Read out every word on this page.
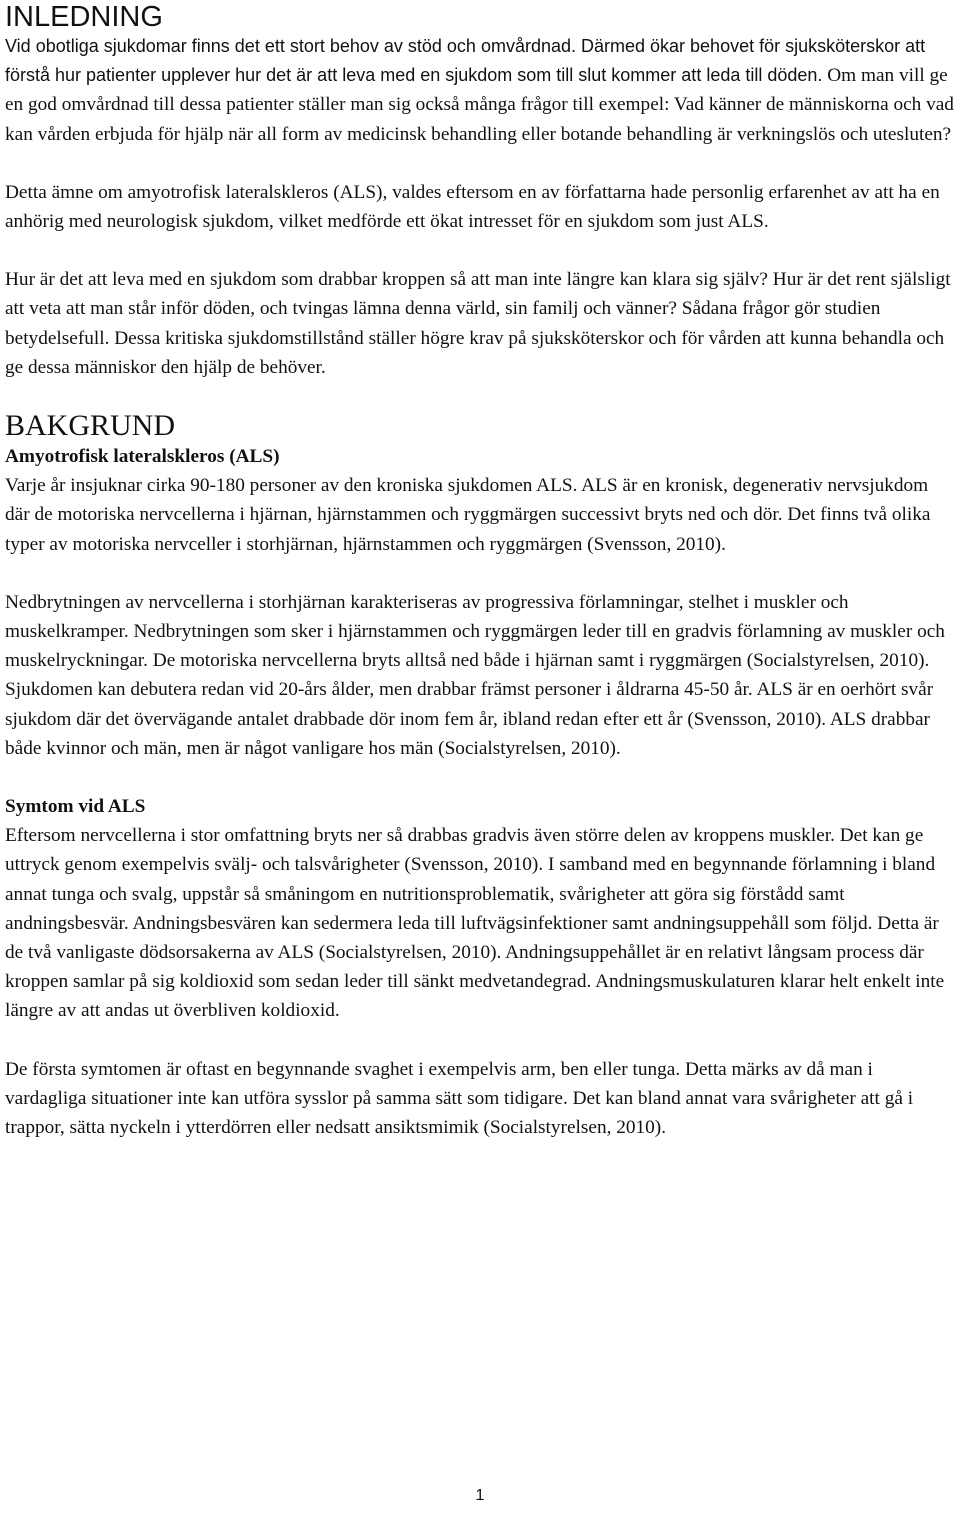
INLEDNING

Vid obotliga sjukdomar finns det ett stort behov av stöd och omvårdnad. Därmed ökar behovet för sjuksköterskor att förstå hur patienter upplever hur det är att leva med en sjukdom som till slut kommer att leda till döden. Om man vill ge en god omvårdnad till dessa patienter ställer man sig också många frågor till exempel: Vad känner de människorna och vad kan vården erbjuda för hjälp när all form av medicinsk behandling eller botande behandling är verkningslös och utesluten?

Detta ämne om amyotrofisk lateralskleros (ALS), valdes eftersom en av författarna hade personlig erfarenhet av att ha en anhörig med neurologisk sjukdom, vilket medförde ett ökat intresset för en sjukdom som just ALS.

Hur är det att leva med en sjukdom som drabbar kroppen så att man inte längre kan klara sig själv? Hur är det rent själsligt att veta att man står inför döden, och tvingas lämna denna värld, sin familj och vänner? Sådana frågor gör studien betydelsefull. Dessa kritiska sjukdomstillstånd ställer högre krav på sjuksköterskor och för vården att kunna behandla och ge dessa människor den hjälp de behöver.

BAKGRUND
Amyotrofisk lateralskleros (ALS)

Varje år insjuknar cirka 90-180 personer av den kroniska sjukdomen ALS. ALS är en kronisk, degenerativ nervsjukdom där de motoriska nervcellerna i hjärnan, hjärnstammen och ryggmärgen successivt bryts ned och dör. Det finns två olika typer av motoriska nervceller i storhjärnan, hjärnstammen och ryggmärgen (Svensson, 2010).

Nedbrytningen av nervcellerna i storhjärnan karakteriseras av progressiva förlamningar, stelhet i muskler och muskelkramper. Nedbrytningen som sker i hjärnstammen och ryggmärgen leder till en gradvis förlamning av muskler och muskelryckningar. De motoriska nervcellerna bryts alltså ned både i hjärnan samt i ryggmärgen (Socialstyrelsen, 2010). Sjukdomen kan debutera redan vid 20-års ålder, men drabbar främst personer i åldrarna 45-50 år. ALS är en oerhört svår sjukdom där det övervägande antalet drabbade dör inom fem år, ibland redan efter ett år (Svensson, 2010). ALS drabbar både kvinnor och män, men är något vanligare hos män (Socialstyrelsen, 2010).

Symtom vid ALS

Eftersom nervcellerna i stor omfattning bryts ner så drabbas gradvis även större delen av kroppens muskler. Det kan ge uttryck genom exempelvis svälj- och talsvårigheter (Svensson, 2010). I samband med en begynnande förlamning i bland annat tunga och svalg, uppstår så småningom en nutritionsproblematik, svårigheter att göra sig förstådd samt andningsbesvär. Andningsbesvären kan sedermera leda till luftvägsinfektioner samt andningsuppehåll som följd. Detta är de två vanligaste dödsorsakerna av ALS (Socialstyrelsen, 2010). Andningsuppehållet är en relativt långsam process där kroppen samlar på sig koldioxid som sedan leder till sänkt medvetandegrad. Andningsmuskulaturen klarar helt enkelt inte längre av att andas ut överbliven koldioxid.

De första symtomen är oftast en begynnande svaghet i exempelvis arm, ben eller tunga. Detta märks av då man i vardagliga situationer inte kan utföra sysslor på samma sätt som tidigare. Det kan bland annat vara svårigheter att gå i trappor, sätta nyckeln i ytterdörren eller nedsatt ansiktsmimik (Socialstyrelsen, 2010).

1
